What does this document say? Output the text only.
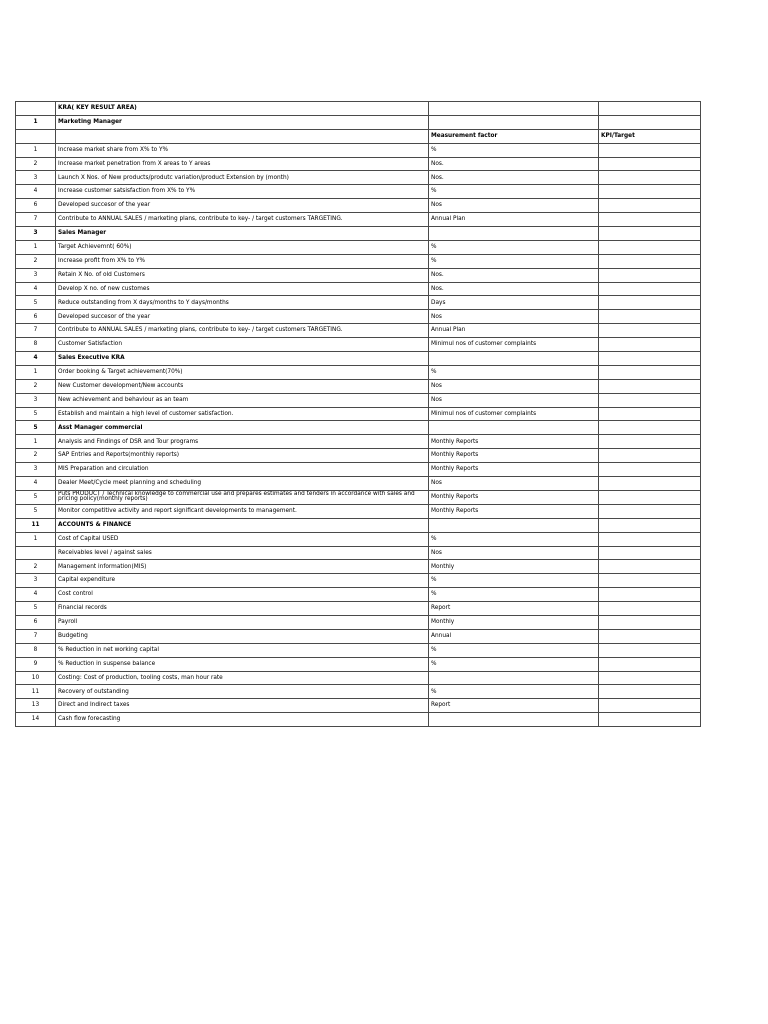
	KRA( KEY RESULT AREA)		
1	Marketing Manager		
		Measurement factor	KPI/Target
1	Increase market share from X% to Y%	%	
2	Increase market penetration from X areas to Y areas	Nos.	
3	Launch X Nos. of New products/produtc variation/product Extension by (month)	Nos.	
4	Increase customer satsisfaction from X% to Y%	%	
6	Developed succesor of the year	Nos	
7	Contribute to ANNUAL SALES / marketing plans, contribute to key- / target customers TARGETING.	Annual Plan	
3	Sales Manager		
1	Target Achievemnt( 60%)	%	
2	Increase profit from X% to Y%	%	
3	Retain X No. of old Customers	Nos.	
4	Develop X no. of new customes	Nos.	
5	Reduce outstanding from X days/months to Y days/months	Days	
6	Developed succesor of the year	Nos	
7	Contribute to ANNUAL SALES / marketing plans, contribute to key- / target customers TARGETING.	Annual Plan	
8	Customer Satisfaction	Minimul nos of customer complaints	
4	Sales Executive KRA		
1	Order booking & Target achievement(70%)	%	
2	New Customer development/New accounts	Nos	
3	New achievement and behaviour as an team	Nos	
5	Establish and maintain a high level of customer satisfaction.	Minimul nos of customer complaints	
5	Asst Manager commercial		
1	Analysis and Findings of DSR and Tour programs	Monthly Reports	
2	SAP Entries and Reports(monthly reports)	Monthly Reports	
3	MIS Preparation and circulation	Monthly Reports	
4	Dealer Meet/Cycle meet planning and scheduling	Nos	
5	Puts PRODUCT / Technical knowledge to commercial use and prepares estimates and tenders in accordance with sales and pricing policy(monthly reports)	Monthly Reports	
5	Monitor competitive activity and report significant developments to management.	Monthly Reports	
11	ACCOUNTS & FINANCE		
1	Cost of Capital USED	%	
	Receivables level / against sales	Nos	
2	Management information(MIS)	Monthly	
3	Capital expenditure	%	
4	Cost control	%	
5	Financial records	Report	
6	Payroll	Monthly	
7	Budgeting	Annual	
8	% Reduction in net working capital	%	
9	% Reduction in suspense balance	%	
10	Costing: Cost of production, tooling costs, man hour rate		
11	Recovery of outstanding	%	
13	Direct and Indirect taxes	Report	
14	Cash flow forecasting		
